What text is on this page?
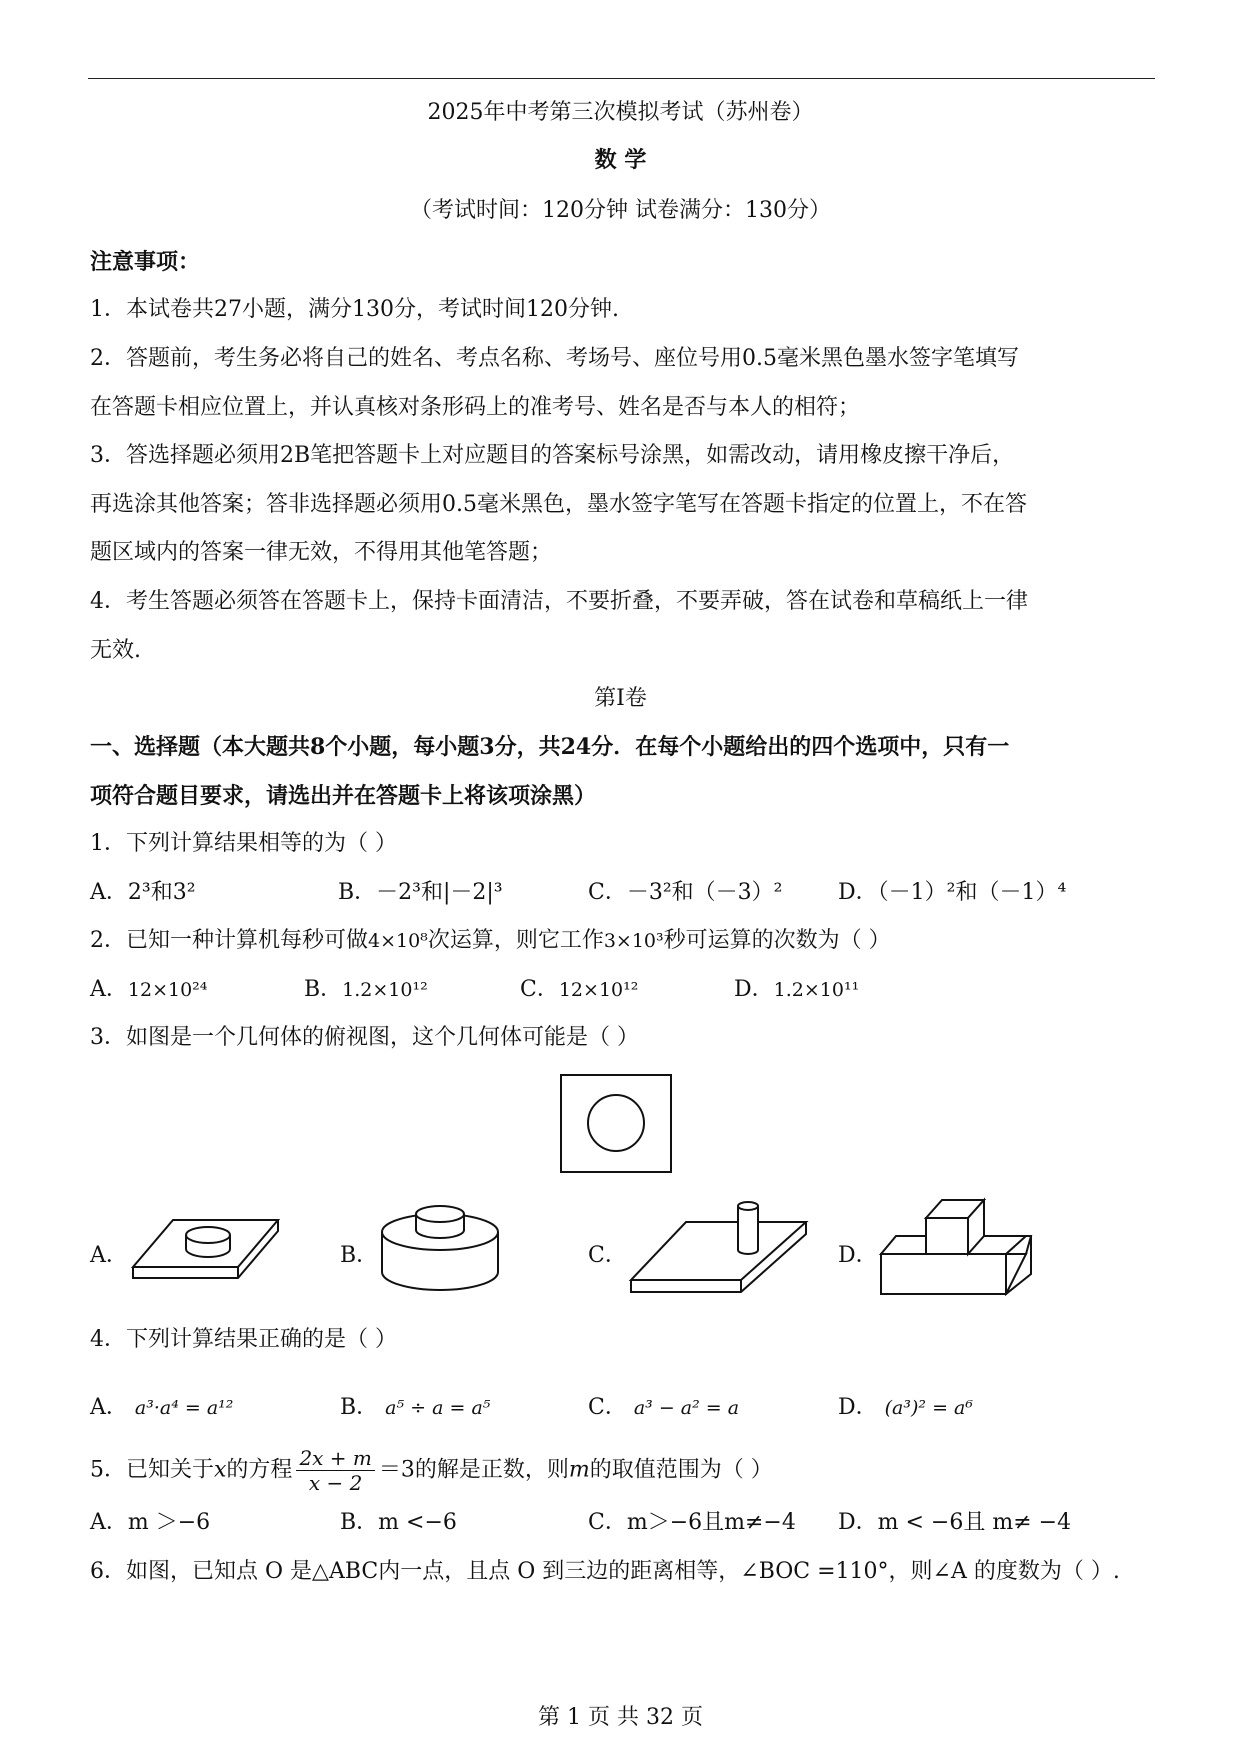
2025年中考第三次模拟考试（苏州卷）
数 学
（考试时间：120分钟 试卷满分：130分）
注意事项：
1．本试卷共27小题，满分130分，考试时间120分钟.
2．答题前，考生务必将自己的姓名、考点名称、考场号、座位号用0.5毫米黑色墨水签字笔填写
在答题卡相应位置上，并认真核对条形码上的准考号、姓名是否与本人的相符；
3．答选择题必须用2B笔把答题卡上对应题目的答案标号涂黑，如需改动，请用橡皮擦干净后，
再选涂其他答案；答非选择题必须用0.5毫米黑色，墨水签字笔写在答题卡指定的位置上，不在答
题区域内的答案一律无效，不得用其他笔答题；
4．考生答题必须答在答题卡上，保持卡面清洁，不要折叠，不要弄破，答在试卷和草稿纸上一律
无效.
第I卷
一、选择题（本大题共8个小题，每小题3分，共24分．在每个小题给出的四个选项中，只有一
项符合题目要求，请选出并在答题卡上将该项涂黑）
1．下列计算结果相等的为（ ）
A．2³和3²	B．－2³和|－2|³	C．－3²和（－3）²	D．（－1）²和（－1）⁴
2．已知一种计算机每秒可做4×10⁸次运算，则它工作3×10³秒可运算的次数为（ ）
A．12×10²⁴	B．1.2×10¹²	C．12×10¹²	D．1.2×10¹¹
3．如图是一个几何体的俯视图，这个几何体可能是（ ）
A．	B．	C．	D．
4．下列计算结果正确的是（ ）
A． a³·a⁴ = a¹²	B． a⁵ ÷ a = a⁵	C． a³ − a² = a	D． (a³)² = a⁶
5．已知关于x的方程 $\frac{2x + m}{x - 2} =3$的解是正数，则m的取值范围为（ ）
A．m ＞−6	B．m <−6	C．m＞−6且m≠−4 D．m < −6且 m≠ −4
6．如图，已知点 O 是△ABC内一点，且点 O 到三边的距离相等，∠BOC =110°，则∠A 的度数为（ ）.
第 1 页 共 32 页
